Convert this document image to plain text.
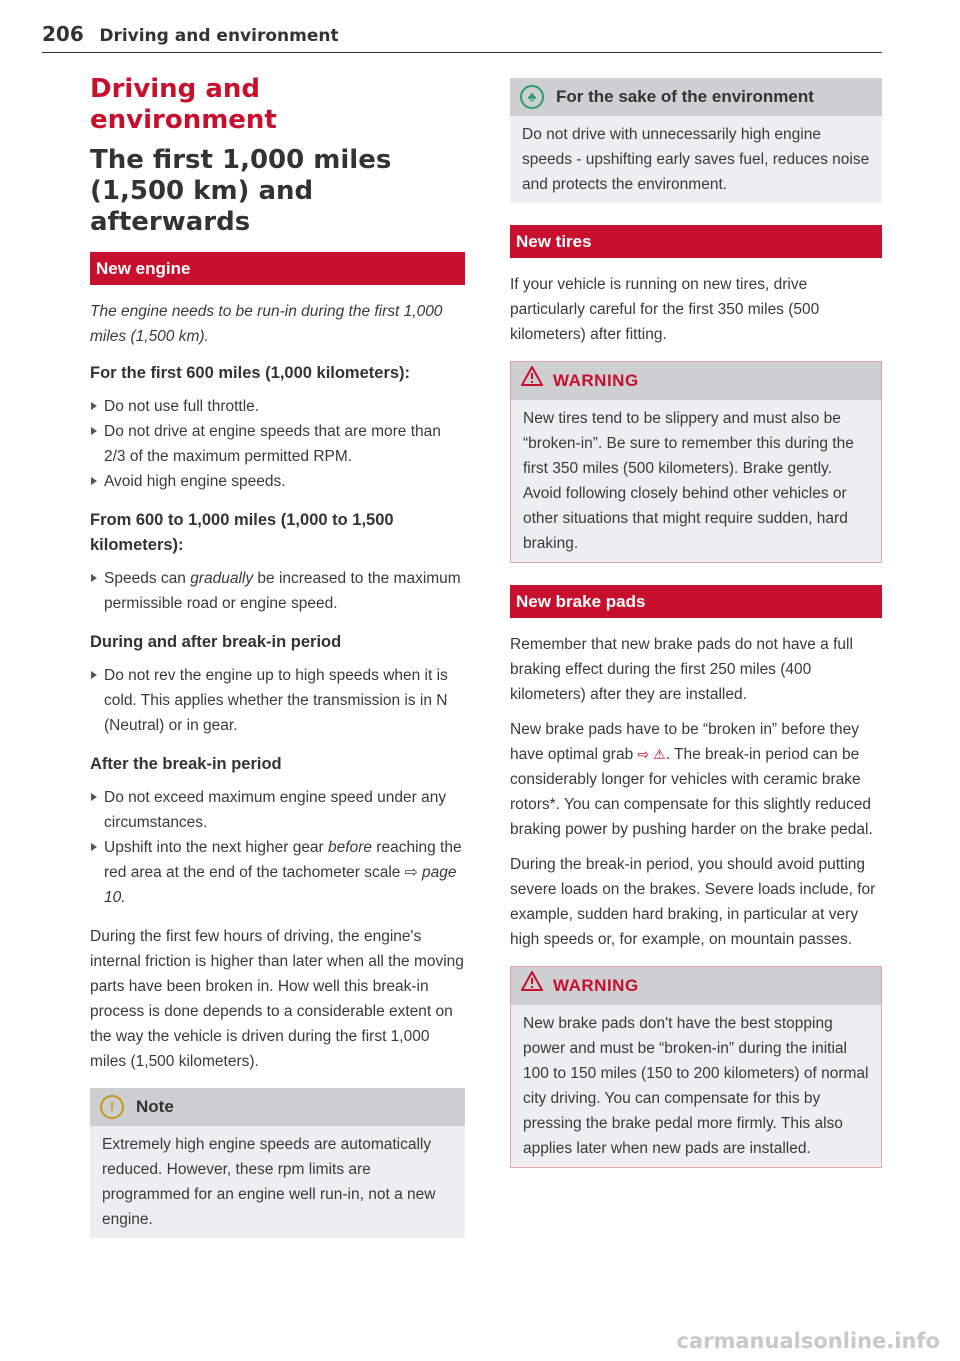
206 Driving and environment
Driving and
environment
The first 1,000 miles
(1,500 km) and
afterwards
New engine

The engine needs to be run-in during the first 1,000 miles (1,500 km).

For the first 600 miles (1,000 kilometers):
Do not use full throttle.
Do not drive at engine speeds that are more than 2/3 of the maximum permitted RPM.
Avoid high engine speeds.
From 600 to 1,000 miles (1,000 to 1,500 kilometers):
Speeds can gradually be increased to the maximum permissible road or engine speed.
During and after break-in period
Do not rev the engine up to high speeds when it is cold. This applies whether the transmission is in N (Neutral) or in gear.
After the break-in period
Do not exceed maximum engine speed under any circumstances.
Upshift into the next higher gear before reaching the red area at the end of the tachometer scale ⇨ page 10.

During the first few hours of driving, the engine's internal friction is higher than later when all the moving parts have been broken in. How well this break-in process is done depends to a considerable extent on the way the vehicle is driven during the first 1,000 miles (1,500 kilometers).

!	Note

Extremely high engine speeds are automatically reduced. However, these rpm limits are programmed for an engine well run-in, not a new engine.

♣	For the sake of the environment

Do not drive with unnecessarily high engine speeds - upshifting early saves fuel, reduces noise and protects the environment.

New tires

If your vehicle is running on new tires, drive particularly careful for the first 350 miles (500 kilometers) after fitting.

WARNING

New tires tend to be slippery and must also be “broken-in”. Be sure to remember this during the first 350 miles (500 kilometers). Brake gently. Avoid following closely behind other vehicles or other situations that might require sudden, hard braking.

New brake pads

Remember that new brake pads do not have a full braking effect during the first 250 miles (400 kilometers) after they are installed.

New brake pads have to be “broken in” before they have optimal grab ⇨ ⚠. The break-in period can be considerably longer for vehicles with ceramic brake rotors*. You can compensate for this slightly reduced braking power by pushing harder on the brake pedal.

During the break-in period, you should avoid putting severe loads on the brakes. Severe loads include, for example, sudden hard braking, in particular at very high speeds or, for example, on mountain passes.

WARNING

New brake pads don't have the best stopping power and must be “broken-in” during the initial 100 to 150 miles (150 to 200 kilometers) of normal city driving. You can compensate for this by pressing the brake pedal more firmly. This also applies later when new pads are installed.

carmanualsonline.info
